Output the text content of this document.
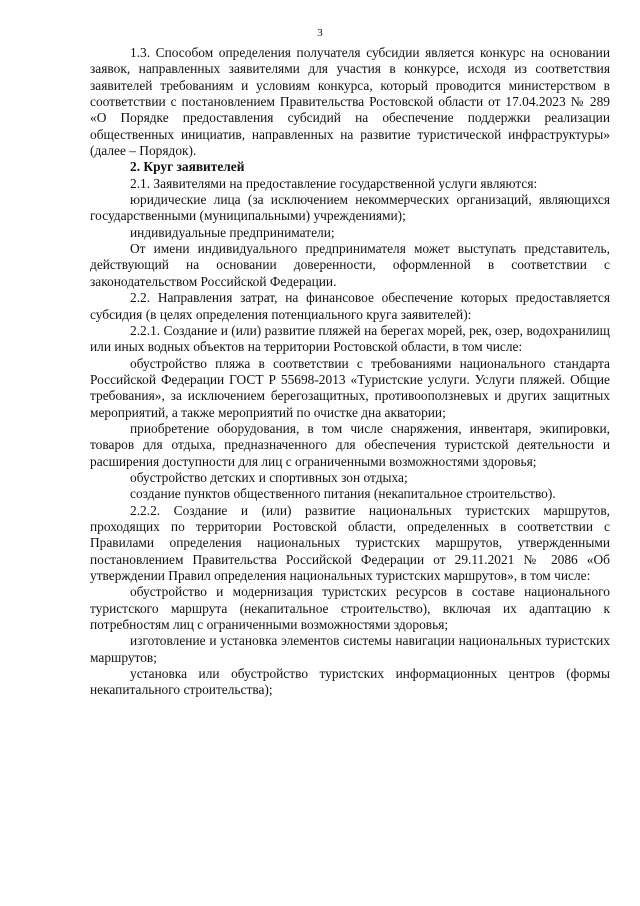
3

1.3. Способом определения получателя субсидии является конкурс на основании заявок, направленных заявителями для участия в конкурсе, исходя из соответствия заявителей требованиям и условиям конкурса, который проводится министерством в соответствии с постановлением Правительства Ростовской области от 17.04.2023 № 289 «О Порядке предоставления субсидий на обеспечение поддержки реализации общественных инициатив, направленных на развитие туристической инфраструктуры» (далее – Порядок).

2. Круг заявителей

2.1. Заявителями на предоставление государственной услуги являются:

юридические лица (за исключением некоммерческих организаций, являющихся государственными (муниципальными) учреждениями);

индивидуальные предприниматели;

От имени индивидуального предпринимателя может выступать представитель, действующий на основании доверенности, оформленной в соответствии с законодательством Российской Федерации.

2.2. Направления затрат, на финансовое обеспечение которых предоставляется субсидия (в целях определения потенциального круга заявителей):

2.2.1. Создание и (или) развитие пляжей на берегах морей, рек, озер, водохранилищ или иных водных объектов на территории Ростовской области, в том числе:

обустройство пляжа в соответствии с требованиями национального стандарта Российской Федерации ГОСТ Р 55698-2013 «Туристские услуги. Услуги пляжей. Общие требования», за исключением берегозащитных, противооползневых и других защитных мероприятий, а также мероприятий по очистке дна акватории;

приобретение оборудования, в том числе снаряжения, инвентаря, экипировки, товаров для отдыха, предназначенного для обеспечения туристской деятельности и расширения доступности для лиц с ограниченными возможностями здоровья;

обустройство детских и спортивных зон отдыха;

создание пунктов общественного питания (некапитальное строительство).

2.2.2. Создание и (или) развитие национальных туристских маршрутов, проходящих по территории Ростовской области, определенных в соответствии с Правилами определения национальных туристских маршрутов, утвержденными постановлением Правительства Российской Федерации от 29.11.2021 № 2086 «Об утверждении Правил определения национальных туристских маршрутов», в том числе:

обустройство и модернизация туристских ресурсов в составе национального туристского маршрута (некапитальное строительство), включая их адаптацию к потребностям лиц с ограниченными возможностями здоровья;

изготовление и установка элементов системы навигации национальных туристских маршрутов;

установка или обустройство туристских информационных центров (формы некапитального строительства);
